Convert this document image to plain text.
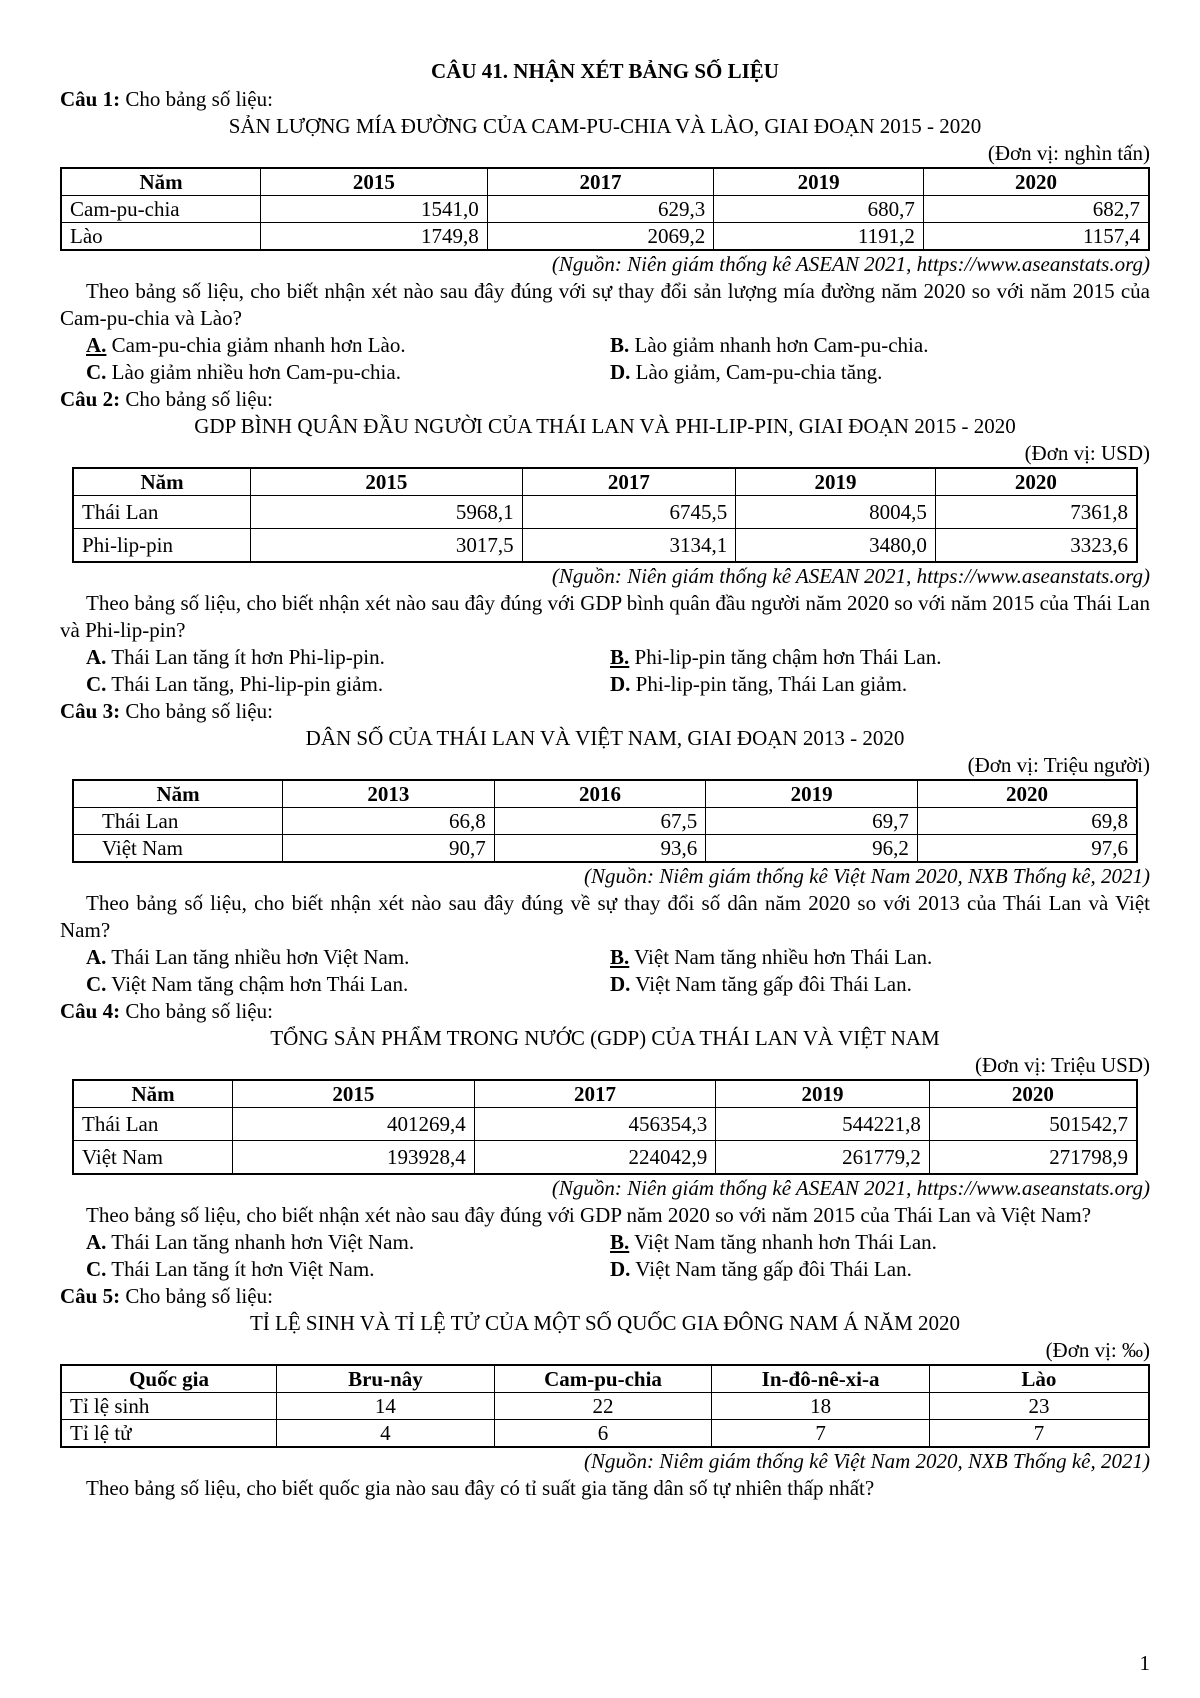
CÂU 41. NHẬN XÉT BẢNG SỐ LIỆU

Câu 1: Cho bảng số liệu:

SẢN LƯỢNG MÍA ĐƯỜNG CỦA CAM-PU-CHIA VÀ LÀO, GIAI ĐOẠN 2015 - 2020

(Đơn vị: nghìn tấn)

Năm	2015	2017	2019	2020
Cam-pu-chia	1541,0	629,3	680,7	682,7
Lào	1749,8	2069,2	1191,2	1157,4

(Nguồn: Niên giám thống kê ASEAN 2021, https://www.aseanstats.org)

Theo bảng số liệu, cho biết nhận xét nào sau đây đúng với sự thay đổi sản lượng mía đường năm 2020 so với năm 2015 của Cam-pu-chia và Lào?

A. Cam-pu-chia giảm nhanh hơn Lào.	B. Lào giảm nhanh hơn Cam-pu-chia.
C. Lào giảm nhiều hơn Cam-pu-chia.	D. Lào giảm, Cam-pu-chia tăng.

Câu 2: Cho bảng số liệu:

GDP BÌNH QUÂN ĐẦU NGƯỜI CỦA THÁI LAN VÀ PHI-LIP-PIN, GIAI ĐOẠN 2015 - 2020

(Đơn vị: USD)

Năm	2015	2017	2019	2020
Thái Lan	5968,1	6745,5	8004,5	7361,8
Phi-lip-pin	3017,5	3134,1	3480,0	3323,6

(Nguồn: Niên giám thống kê ASEAN 2021, https://www.aseanstats.org)

Theo bảng số liệu, cho biết nhận xét nào sau đây đúng với GDP bình quân đầu người năm 2020 so với năm 2015 của Thái Lan và Phi-lip-pin?

A. Thái Lan tăng ít hơn Phi-lip-pin.	B. Phi-lip-pin tăng chậm hơn Thái Lan.
C. Thái Lan tăng, Phi-lip-pin giảm.	D. Phi-lip-pin tăng, Thái Lan giảm.

Câu 3: Cho bảng số liệu:

DÂN SỐ CỦA THÁI LAN VÀ VIỆT NAM, GIAI ĐOẠN 2013 - 2020

(Đơn vị: Triệu người)

Năm	2013	2016	2019	2020
Thái Lan	66,8	67,5	69,7	69,8
Việt Nam	90,7	93,6	96,2	97,6

(Nguồn: Niêm giám thống kê Việt Nam 2020, NXB Thống kê, 2021)

Theo bảng số liệu, cho biết nhận xét nào sau đây đúng về sự thay đổi số dân năm 2020 so với 2013 của Thái Lan và Việt Nam?

A. Thái Lan tăng nhiều hơn Việt Nam.	B. Việt Nam tăng nhiều hơn Thái Lan.
C. Việt Nam tăng chậm hơn Thái Lan.	D. Việt Nam tăng gấp đôi Thái Lan.

Câu 4: Cho bảng số liệu:

TỔNG SẢN PHẨM TRONG NƯỚC (GDP) CỦA THÁI LAN VÀ VIỆT NAM

(Đơn vị: Triệu USD)

Năm	2015	2017	2019	2020
Thái Lan	401269,4	456354,3	544221,8	501542,7
Việt Nam	193928,4	224042,9	261779,2	271798,9

(Nguồn: Niên giám thống kê ASEAN 2021, https://www.aseanstats.org)

Theo bảng số liệu, cho biết nhận xét nào sau đây đúng với GDP năm 2020 so với năm 2015 của Thái Lan và Việt Nam?

A. Thái Lan tăng nhanh hơn Việt Nam.	B. Việt Nam tăng nhanh hơn Thái Lan.
C. Thái Lan tăng ít hơn Việt Nam.	D. Việt Nam tăng gấp đôi Thái Lan.

Câu 5: Cho bảng số liệu:

TỈ LỆ SINH VÀ TỈ LỆ TỬ CỦA MỘT SỐ QUỐC GIA ĐÔNG NAM Á NĂM 2020

(Đơn vị: ‰)

Quốc gia	Bru-nây	Cam-pu-chia	In-đô-nê-xi-a	Lào
Tỉ lệ sinh	14	22	18	23
Tỉ lệ tử	4	6	7	7

(Nguồn: Niêm giám thống kê Việt Nam 2020, NXB Thống kê, 2021)

Theo bảng số liệu, cho biết quốc gia nào sau đây có tỉ suất gia tăng dân số tự nhiên thấp nhất?

1
